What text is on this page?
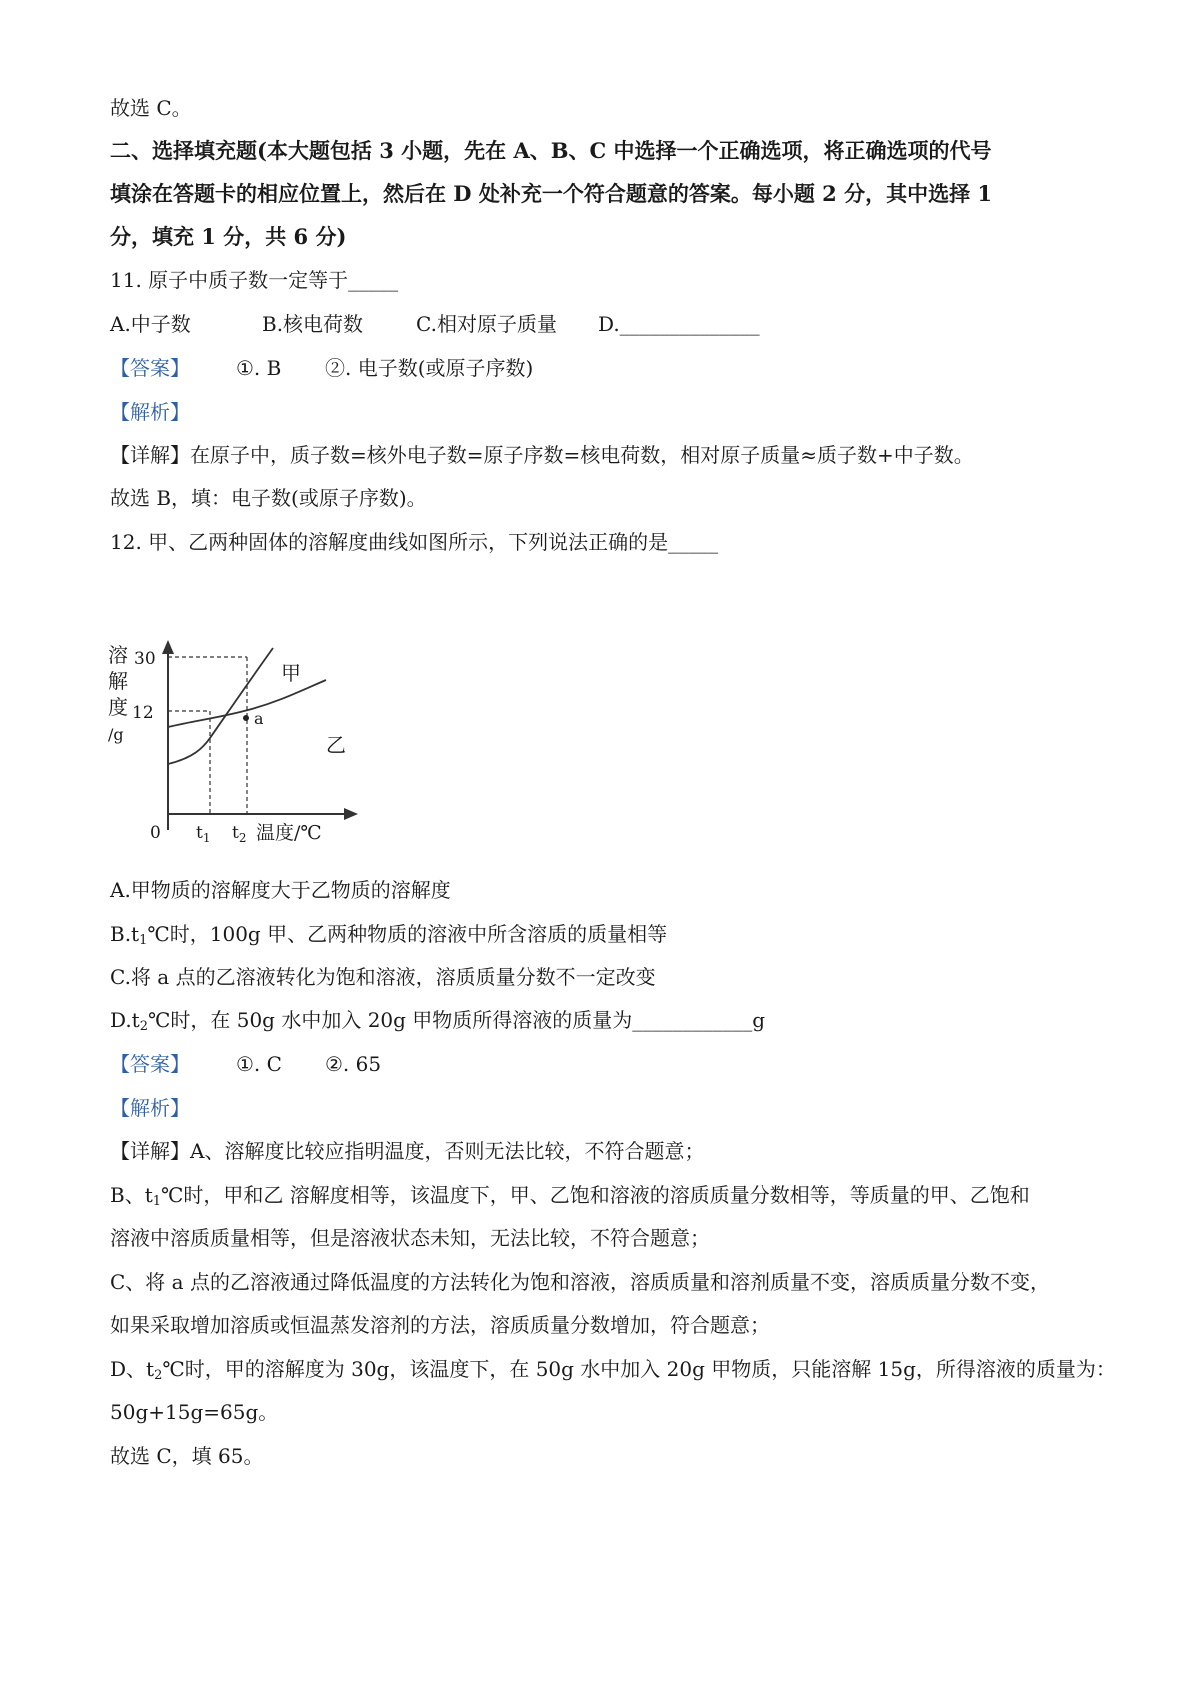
故选 C。
二、选择填充题(本大题包括 3 小题，先在 A、B、C 中选择一个正确选项，将正确选项的代号
填涂在答题卡的相应位置上，然后在 D 处补充一个符合题意的答案。每小题 2 分，其中选择 1
分，填充 1 分，共 6 分)
11. 原子中质子数一定等于_____
A.中子数	B.核电荷数	C.相对原子质量 D.______________
【答案】 ①. B ②. 电子数(或原子序数)
【解析】
【详解】在原子中，质子数=核外电子数=原子序数=核电荷数，相对原子质量≈质子数+中子数。
故选 B，填：电子数(或原子序数)。
12. 甲、乙两种固体的溶解度曲线如图所示，下列说法正确的是_____
a
溶
解
度
/g
30
12
0 $t_1$ $t_2$ 温度/℃
甲
乙
A.甲物质的溶解度大于乙物质的溶解度
$B.t_1℃$时，100g 甲、乙两种物质的溶液中所含溶质的质量相等
C.将 a 点的乙溶液转化为饱和溶液，溶质质量分数不一定改变
$D.t_2℃$时，在 50g 水中加入 20g 甲物质所得溶液的质量为____________g
【答案】 ①. C ②. 65
【解析】
【详解】A、溶解度比较应指明温度，否则无法比较，不符合题意；
B、$t_1℃$时，甲和乙 溶解度相等，该温度下，甲、乙饱和溶液的溶质质量分数相等，等质量的甲、乙饱和
溶液中溶质质量相等，但是溶液状态未知，无法比较，不符合题意；
C、将 a 点的乙溶液通过降低温度的方法转化为饱和溶液，溶质质量和溶剂质量不变，溶质质量分数不变，
如果采取增加溶质或恒温蒸发溶剂的方法，溶质质量分数增加，符合题意；
D、$t_2℃$时，甲的溶解度为 30g，该温度下，在 50g 水中加入 20g 甲物质，只能溶解 15g，所得溶液的质量为：
50g+15g=65g。
故选 C，填 65。
